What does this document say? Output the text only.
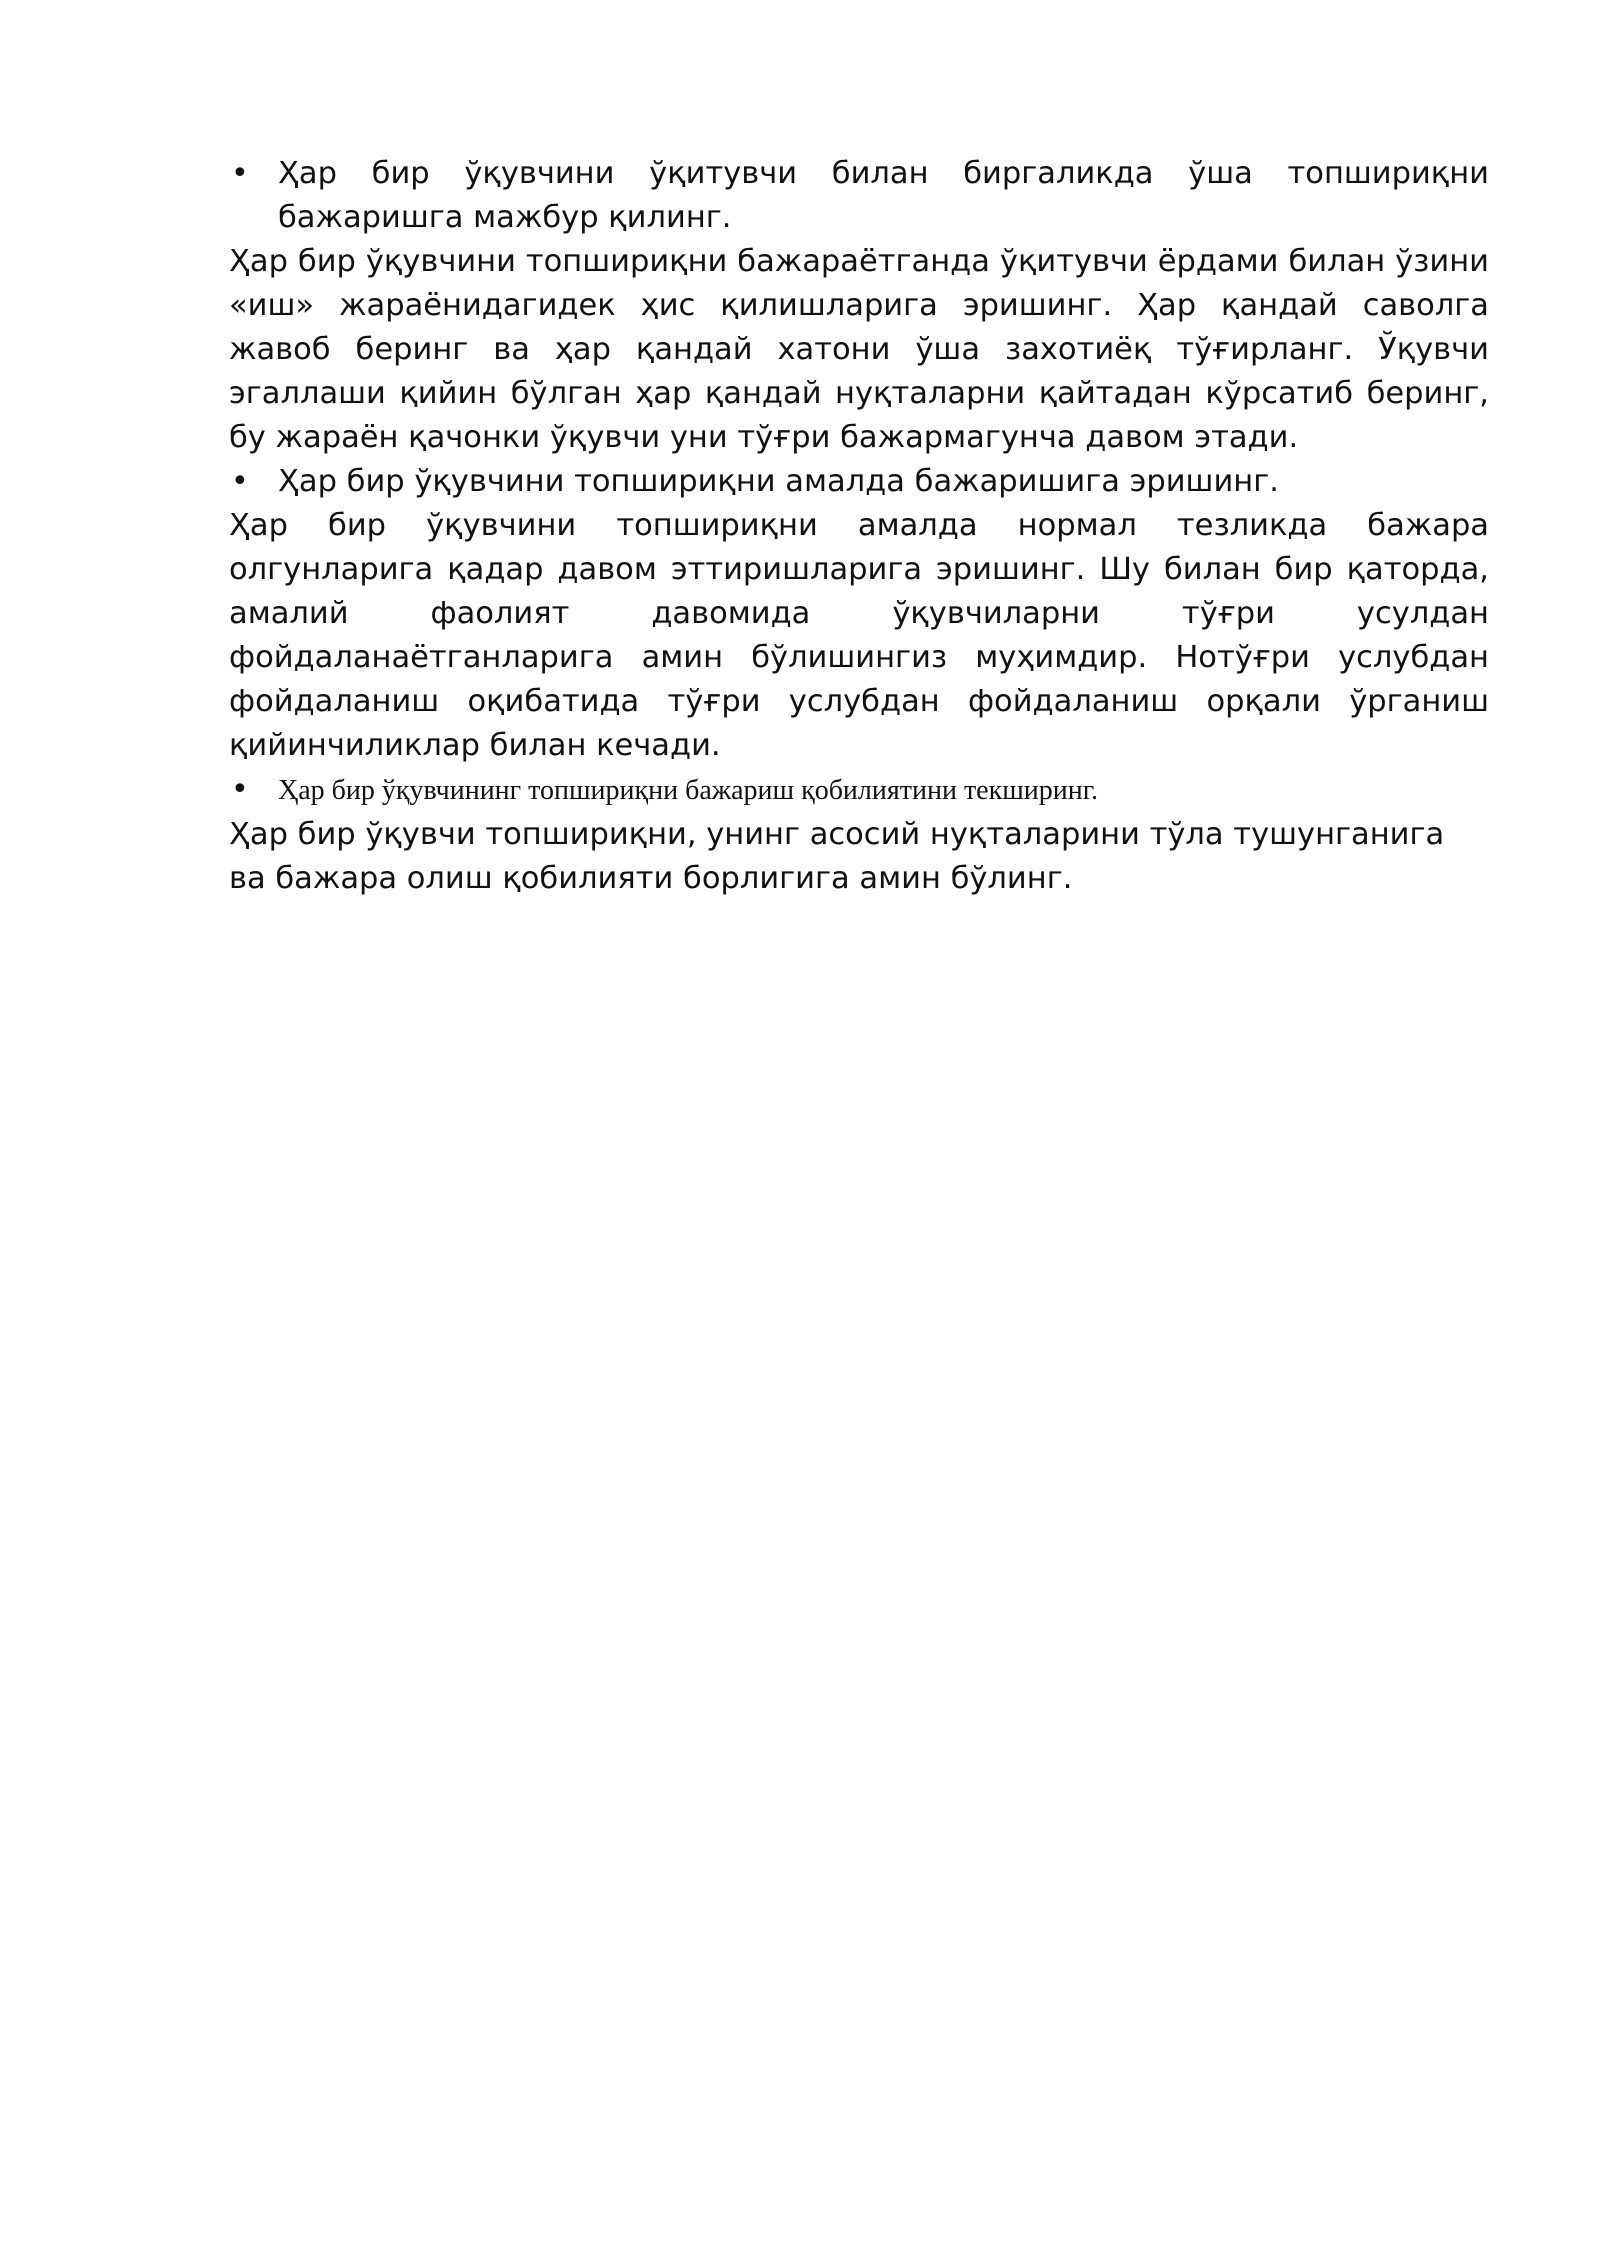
• Ҳар бир ўқувчини ўқитувчи билан биргаликда ўша топшириқни бажаришга мажбур қилинг.

Ҳар бир ўқувчини топшириқни бажараётганда ўқитувчи ёрдами билан ўзини «иш» жараёнидагидек ҳис қилишларига эришинг. Ҳар қандай саволга жавоб беринг ва ҳар қандай хатони ўша захотиёқ тўғирланг. Ўқувчи эгаллаши қийин бўлган ҳар қандай нуқталарни қайтадан кўрсатиб беринг, бу жараён қачонки ўқувчи уни тўғри бажармагунча давом этади.

• Ҳар бир ўқувчини топшириқни амалда бажаришига эришинг.

Ҳар бир ўқувчини топшириқни амалда нормал тезликда бажара олгунларига қадар давом эттиришларига эришинг. Шу билан бир қаторда, амалий фаолият давомида ўқувчиларни тўғри усулдан фойдаланаётганларига амин бўлишингиз муҳимдир. Нотўғри услубдан фойдаланиш оқибатида тўғри услубдан фойдаланиш орқали ўрганиш қийинчиликлар билан кечади.

• Ҳар бир ўқувчининг топшириқни бажариш қобилиятини текширинг.

Ҳар бир ўқувчи топшириқни, унинг асосий нуқталарини тўла тушунганига
ва бажара олиш қобилияти борлигига амин бўлинг.
